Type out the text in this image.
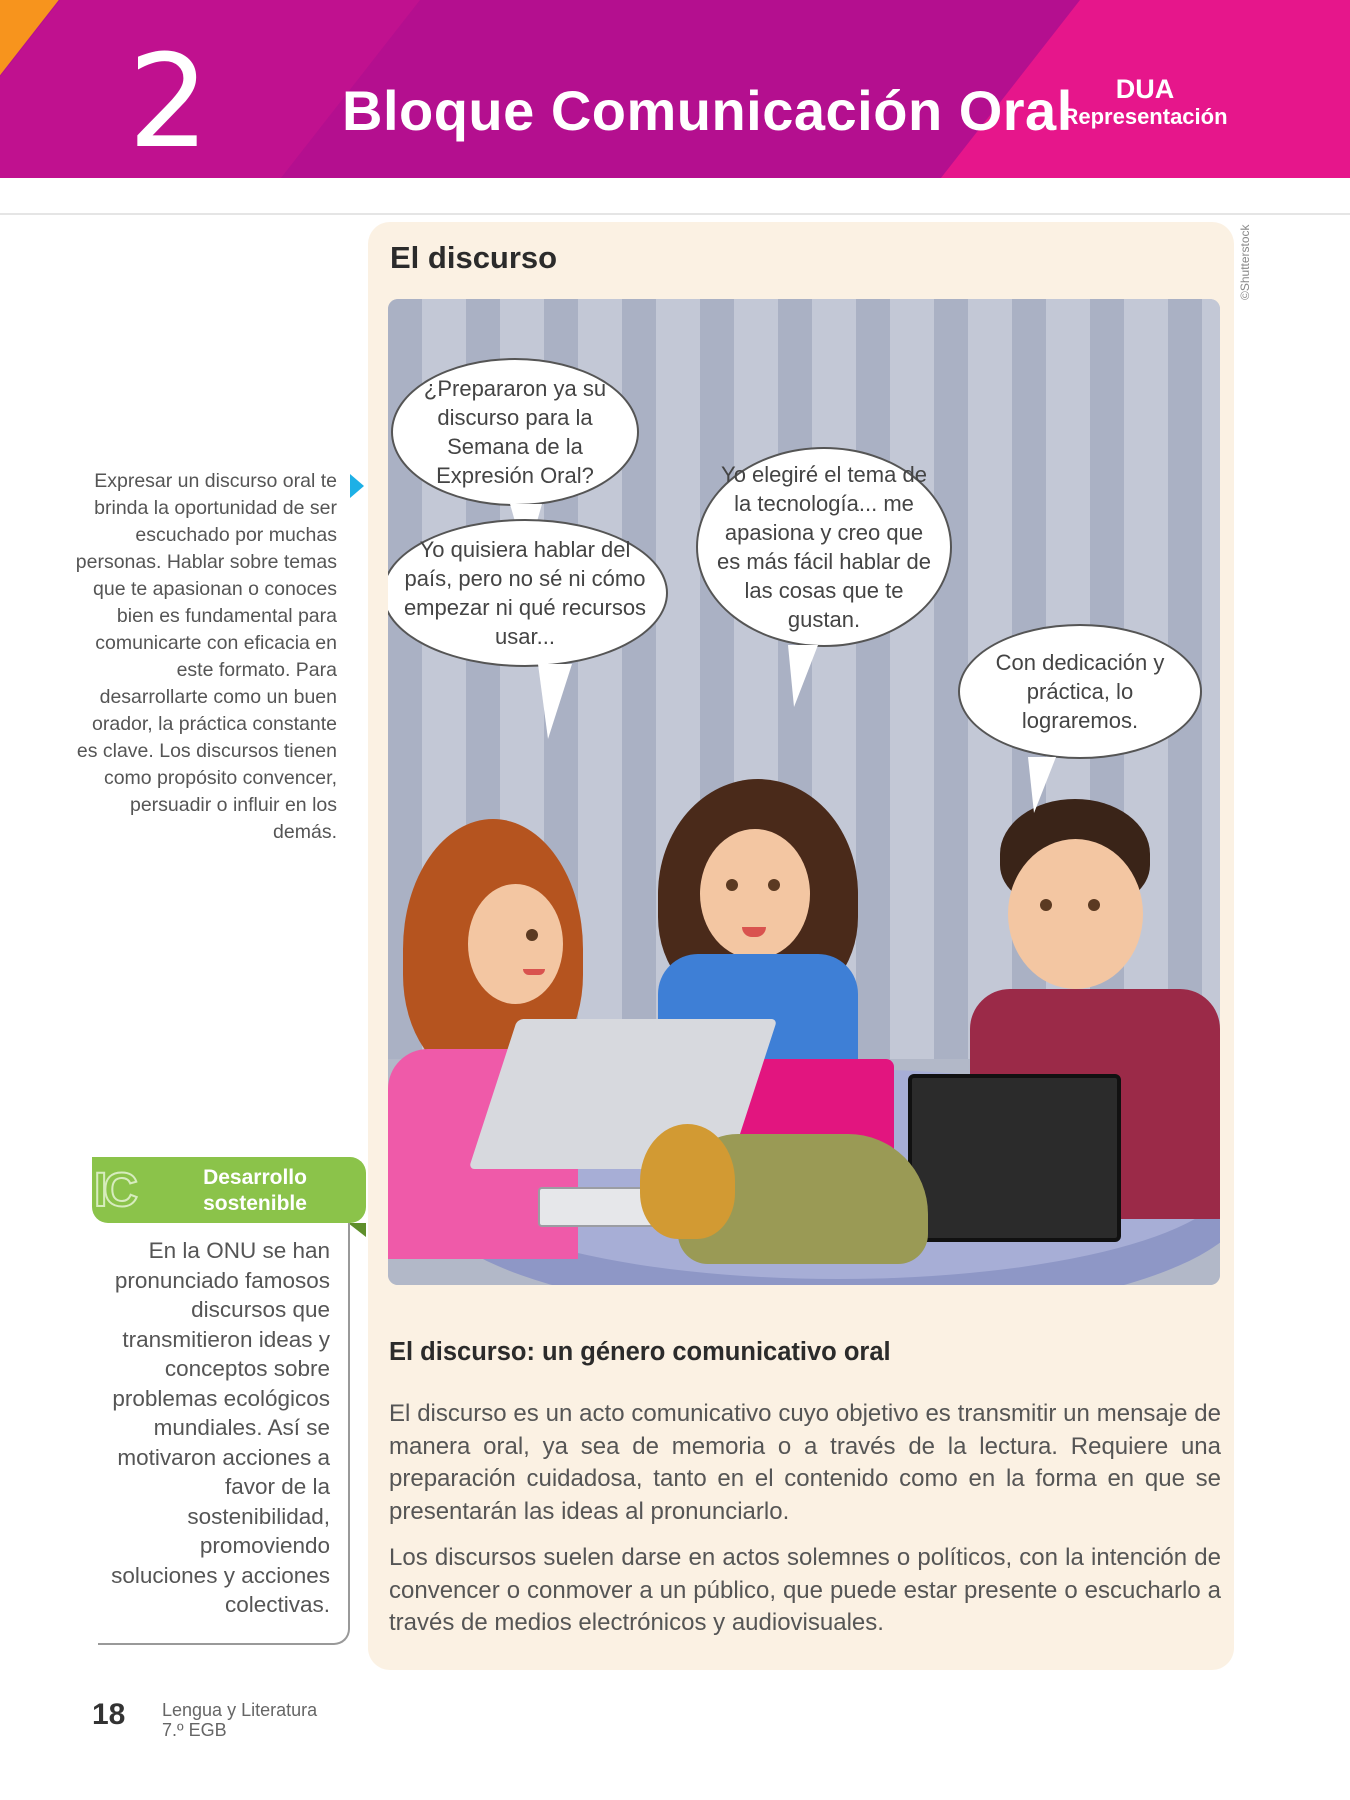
2 Bloque Comunicación Oral	DUA
Representación
El discurso	©Shutterstock
¿Prepararon ya su discurso para la Semana de la Expresión Oral?
Yo quisiera hablar del país, pero no sé ni cómo empezar ni qué recursos usar...
Yo elegiré el tema de la tecnología... me apasiona y creo que es más fácil hablar de las cosas que te gustan.
Con dedicación y práctica, lo lograremos.
Expresar un discurso oral te brinda la oportunidad de ser escuchado por muchas personas. Hablar sobre temas que te apasionan o conoces bien es fundamental para comunicarte con eficacia en este formato. Para desarrollarte como un buen orador, la práctica constante es clave. Los discursos tienen como propósito convencer, persuadir o influir en los demás.
IC	Desarrollo sostenible
En la ONU se han pronunciado famosos discursos que transmitieron ideas y conceptos sobre problemas ecológicos mundiales. Así se motivaron acciones a favor de la sostenibilidad, promoviendo soluciones y acciones colectivas.
El discurso: un género comunicativo oral
El discurso es un acto comunicativo cuyo objetivo es transmitir un mensaje de manera oral, ya sea de memoria o a través de la lectura. Requiere una preparación cuidadosa, tanto en el contenido como en la forma en que se presentarán las ideas al pronunciarlo.
Los discursos suelen darse en actos solemnes o políticos, con la intención de convencer o conmover a un público, que puede estar presente o escucharlo a través de medios electrónicos y audiovisuales.
18 Lengua y Literatura
7.º EGB
